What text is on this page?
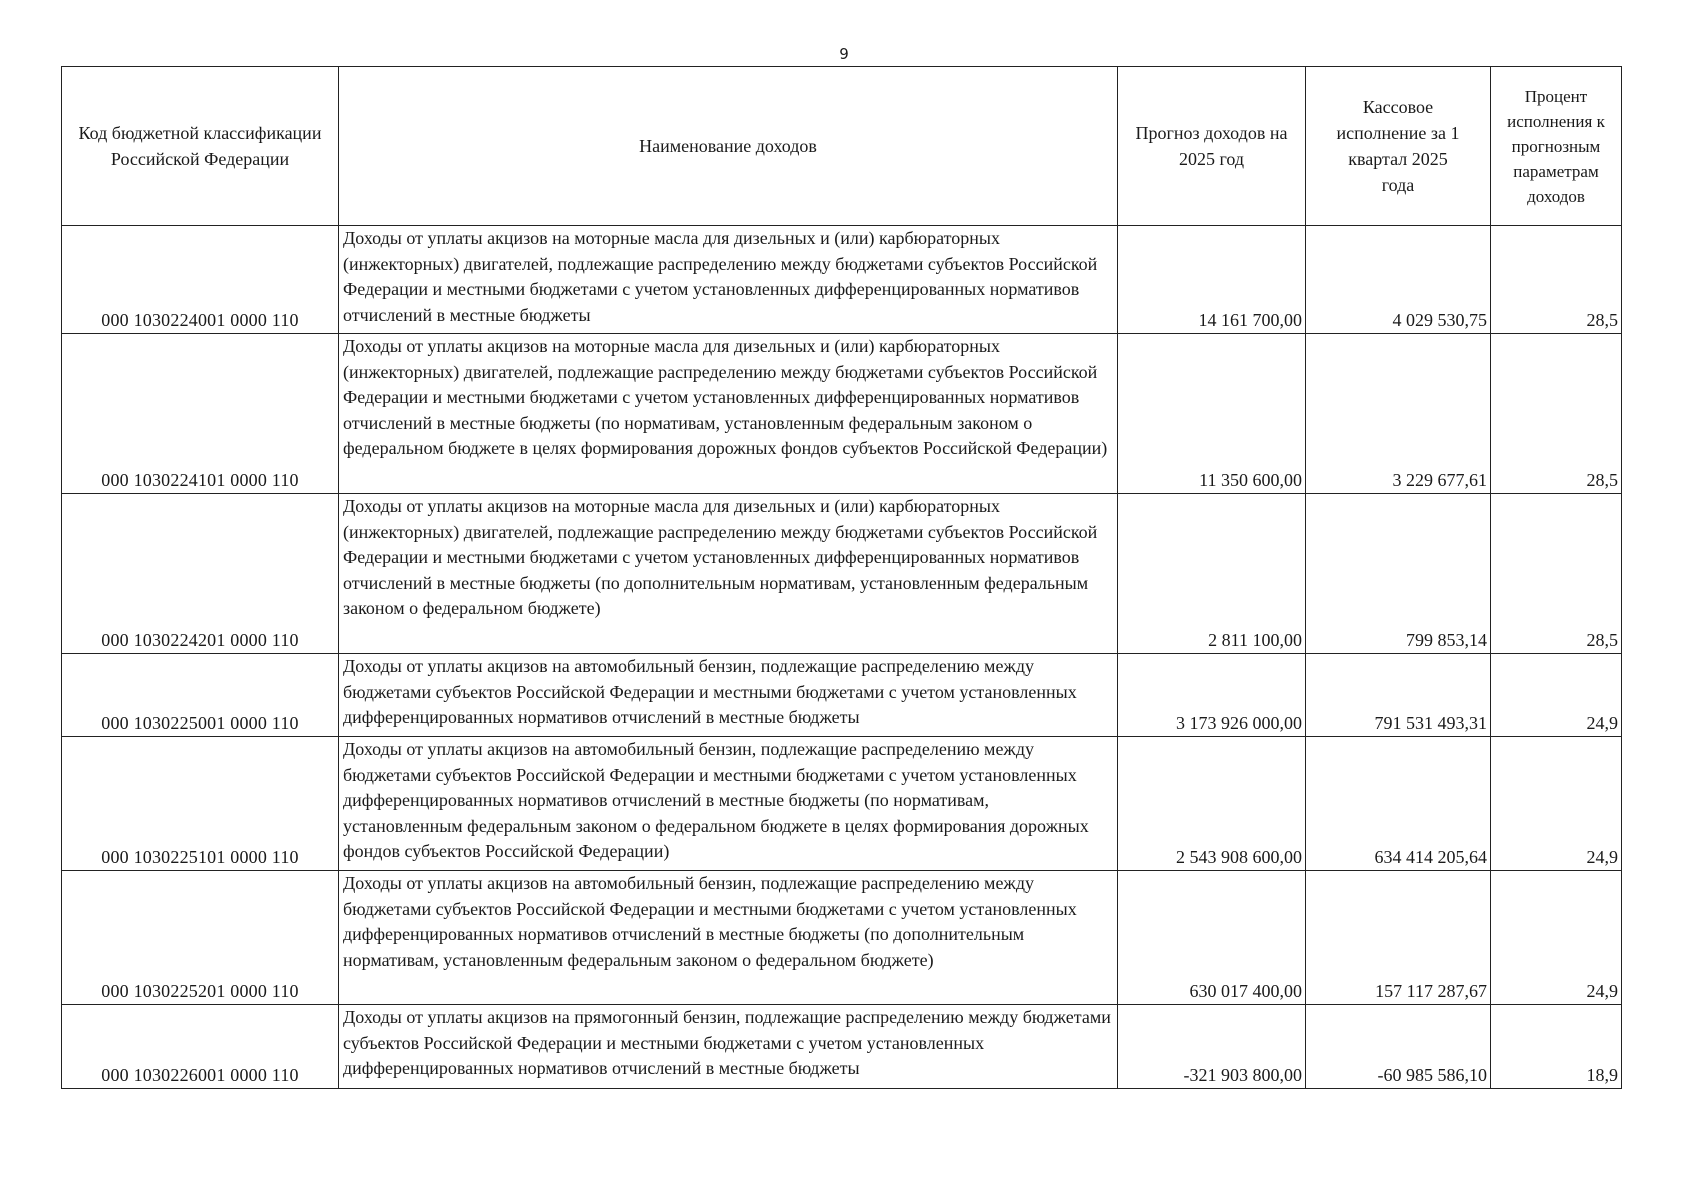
9
Код бюджетной классификации Российской Федерации	Наименование доходов	Прогноз доходов на 2025 год	Кассовое исполнение за 1 квартал 2025 года	Процент исполнения к прогнозным параметрам доходов
000 1030224001 0000 110	Доходы от уплаты акцизов на моторные масла для дизельных и (или) карбюраторных (инжекторных) двигателей, подлежащие распределению между бюджетами субъектов Российской Федерации и местными бюджетами с учетом установленных дифференцированных нормативов отчислений в местные бюджеты	14 161 700,00	4 029 530,75	28,5
000 1030224101 0000 110	Доходы от уплаты акцизов на моторные масла для дизельных и (или) карбюраторных (инжекторных) двигателей, подлежащие распределению между бюджетами субъектов Российской Федерации и местными бюджетами с учетом установленных дифференцированных нормативов отчислений в местные бюджеты (по нормативам, установленным федеральным законом о федеральном бюджете в целях формирования дорожных фондов субъектов Российской Федерации)	11 350 600,00	3 229 677,61	28,5
000 1030224201 0000 110	Доходы от уплаты акцизов на моторные масла для дизельных и (или) карбюраторных (инжекторных) двигателей, подлежащие распределению между бюджетами субъектов Российской Федерации и местными бюджетами с учетом установленных дифференцированных нормативов отчислений в местные бюджеты (по дополнительным нормативам, установленным федеральным законом о федеральном бюджете)	2 811 100,00	799 853,14	28,5
000 1030225001 0000 110	Доходы от уплаты акцизов на автомобильный бензин, подлежащие распределению между бюджетами субъектов Российской Федерации и местными бюджетами с учетом установленных дифференцированных нормативов отчислений в местные бюджеты	3 173 926 000,00	791 531 493,31	24,9
000 1030225101 0000 110	Доходы от уплаты акцизов на автомобильный бензин, подлежащие распределению между бюджетами субъектов Российской Федерации и местными бюджетами с учетом установленных дифференцированных нормативов отчислений в местные бюджеты (по нормативам, установленным федеральным законом о федеральном бюджете в целях формирования дорожных фондов субъектов Российской Федерации)	2 543 908 600,00	634 414 205,64	24,9
000 1030225201 0000 110	Доходы от уплаты акцизов на автомобильный бензин, подлежащие распределению между бюджетами субъектов Российской Федерации и местными бюджетами с учетом установленных дифференцированных нормативов отчислений в местные бюджеты (по дополнительным нормативам, установленным федеральным законом о федеральном бюджете)	630 017 400,00	157 117 287,67	24,9
000 1030226001 0000 110	Доходы от уплаты акцизов на прямогонный бензин, подлежащие распределению между бюджетами субъектов Российской Федерации и местными бюджетами с учетом установленных дифференцированных нормативов отчислений в местные бюджеты	-321 903 800,00	-60 985 586,10	18,9
